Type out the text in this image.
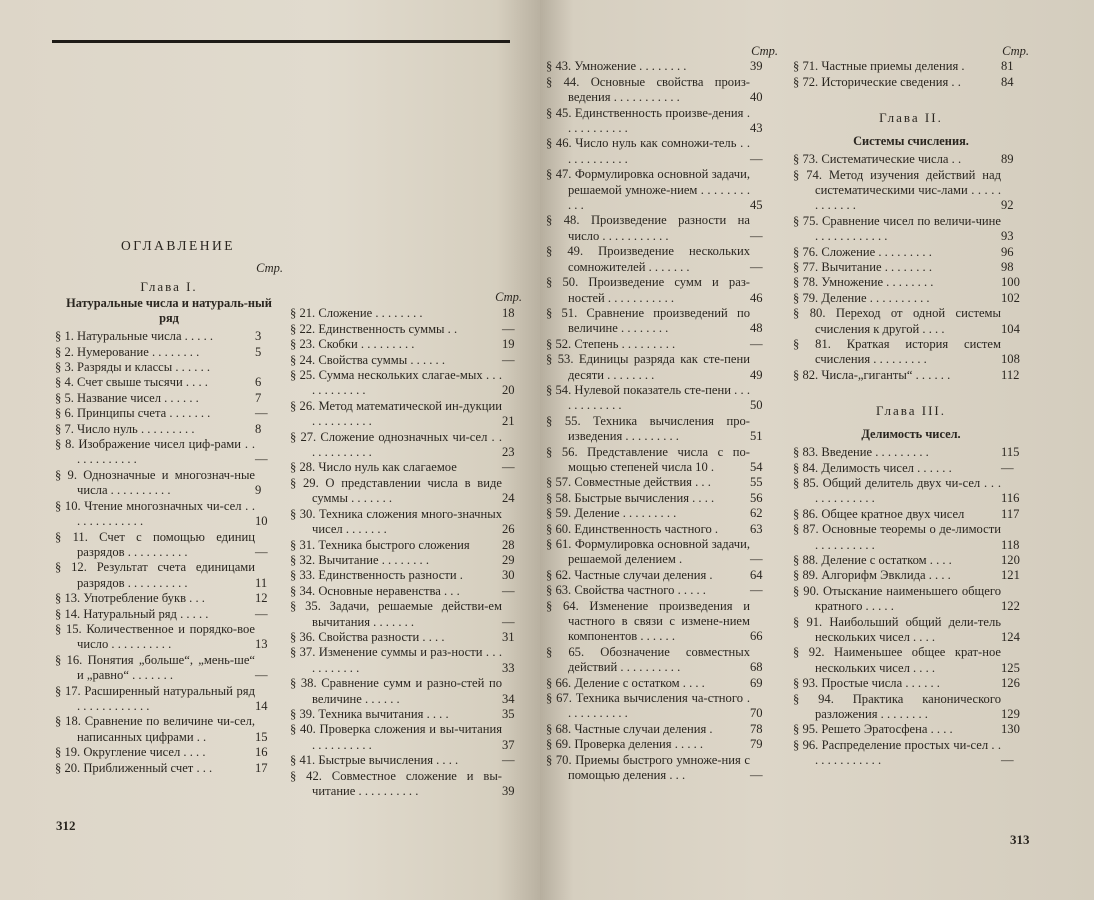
ОГЛАВЛЕНИЕ
Стр.
Глава I.
Натуральные числа и натураль-ный ряд
§ 1. Натуральные числа . . . . .	3
§ 2. Нумерование . . . . . . . .	5
§ 3. Разряды и классы . . . . . .
§ 4. Счет свыше тысячи . . . .	6
§ 5. Название чисел . . . . . .	7
§ 6. Принципы счета . . . . . . .	—
§ 7. Число нуль . . . . . . . . .	8
§ 8. Изображение чисел циф-рами . . . . . . . . . . . .	—
§ 9. Однозначные и многознач-ные числа . . . . . . . . . .	9
§ 10. Чтение многозначных чи-сел . . . . . . . . . . . . .	10
§ 11. Счет с помощью единиц разрядов . . . . . . . . . .	—
§ 12. Результат счета единицами разрядов . . . . . . . . . .	11
§ 13. Употребление букв . . .	12
§ 14. Натуральный ряд . . . . .	—
§ 15. Количественное и порядко-вое число . . . . . . . . . .	13
§ 16. Понятия „больше“, „мень-ше“ и „равно“ . . . . . . .	—
§ 17. Расширенный натуральный ряд . . . . . . . . . . . .	14
§ 18. Сравнение по величине чи-сел, написанных цифрами . .	15
§ 19. Округление чисел . . . .	16
§ 20. Приближенный счет . . .	17
Стр.
§ 21. Сложение . . . . . . . .	18
§ 22. Единственность суммы . .	—
§ 23. Скобки . . . . . . . . .	19
§ 24. Свойства суммы . . . . . .	—
§ 25. Сумма нескольких слагае-мых . . . . . . . . . . . .	20
§ 26. Метод математической ин-дукции . . . . . . . . . .	21
§ 27. Сложение однозначных чи-сел . . . . . . . . . . . .	23
§ 28. Число нуль как слагаемое	—
§ 29. О представлении числа в виде суммы . . . . . . .	24
§ 30. Техника сложения много-значных чисел . . . . . . .	26
§ 31. Техника быстрого сложения	28
§ 32. Вычитание . . . . . . . .	29
§ 33. Единственность разности .	30
§ 34. Основные неравенства . . .	—
§ 35. Задачи, решаемые действи-ем вычитания . . . . . . .	—
§ 36. Свойства разности . . . .	31
§ 37. Изменение суммы и раз-ности . . . . . . . . . . .	33
§ 38. Сравнение сумм и разно-стей по величине . . . . . .	34
§ 39. Техника вычитания . . . .	35
§ 40. Проверка сложения и вы-читания . . . . . . . . . .	37
§ 41. Быстрые вычисления . . . .	—
§ 42. Совместное сложение и вы-читание . . . . . . . . . .	39
312
Стр.
§ 43. Умножение . . . . . . . .	39
§ 44. Основные свойства произ-ведения . . . . . . . . . . .	40
§ 45. Единственность произве-дения . . . . . . . . . . .	43
§ 46. Число нуль как сомножи-тель . . . . . . . . . . . .	—
§ 47. Формулировка основной задачи, решаемой умноже-нием . . . . . . . . . . .	45
§ 48. Произведение разности на число . . . . . . . . . . .	—
§ 49. Произведение нескольких сомножителей . . . . . . .	—
§ 50. Произведение сумм и раз-ностей . . . . . . . . . . .	46
§ 51. Сравнение произведений по величине . . . . . . . .	48
§ 52. Степень . . . . . . . . .	—
§ 53. Единицы разряда как сте-пени десяти . . . . . . . .	49
§ 54. Нулевой показатель сте-пени . . . . . . . . . . . .	50
§ 55. Техника вычисления про-изведения . . . . . . . . .	51
§ 56. Представление числа с по-мощью степеней числа 10 .	54
§ 57. Совместные действия . . .	55
§ 58. Быстрые вычисления . . . .	56
§ 59. Деление . . . . . . . . .	62
§ 60. Единственность частного .	63
§ 61. Формулировка основной задачи, решаемой делением .	—
§ 62. Частные случаи деления .	64
§ 63. Свойства частного . . . . .	—
§ 64. Изменение произведения и частного в связи с измене-нием компонентов . . . . . .	66
§ 65. Обозначение совместных действий . . . . . . . . . .	68
§ 66. Деление с остатком . . . .	69
§ 67. Техника вычисления ча-стного . . . . . . . . . . .	70
§ 68. Частные случаи деления .	78
§ 69. Проверка деления . . . . .	79
§ 70. Приемы быстрого умноже-ния с помощью деления . . .	—
Стр.
§ 71. Частные приемы деления .	81
§ 72. Исторические сведения . .	84
Глава II.
Системы счисления.
§ 73. Систематические числа . .	89
§ 74. Метод изучения действий над систематическими чис-лами . . . . . . . . . . . .	92
§ 75. Сравнение чисел по величи-чине . . . . . . . . . . . .	93
§ 76. Сложение . . . . . . . . .	96
§ 77. Вычитание . . . . . . . .	98
§ 78. Умножение . . . . . . . .	100
§ 79. Деление . . . . . . . . . .	102
§ 80. Переход от одной системы счисления к другой . . . .	104
§ 81. Краткая история систем счисления . . . . . . . . .	108
§ 82. Числа-„гиганты“ . . . . . .	112
Глава III.
Делимость чисел.
§ 83. Введение . . . . . . . . .	115
§ 84. Делимость чисел . . . . . .	—
§ 85. Общий делитель двух чи-сел . . . . . . . . . . . . .	116
§ 86. Общее кратное двух чисел	117
§ 87. Основные теоремы о де-лимости . . . . . . . . . .	118
§ 88. Деление с остатком . . . .	120
§ 89. Алгорифм Эвклида . . . .	121
§ 90. Отыскание наименьшего общего кратного . . . . .	122
§ 91. Наибольший общий дели-тель нескольких чисел . . . .	124
§ 92. Наименьшее общее крат-ное нескольких чисел . . . .	125
§ 93. Простые числа . . . . . .	126
§ 94. Практика канонического разложения . . . . . . . .	129
§ 95. Решето Эратосфена . . . .	130
§ 96. Распределение простых чи-сел . . . . . . . . . . . . .	—
313
